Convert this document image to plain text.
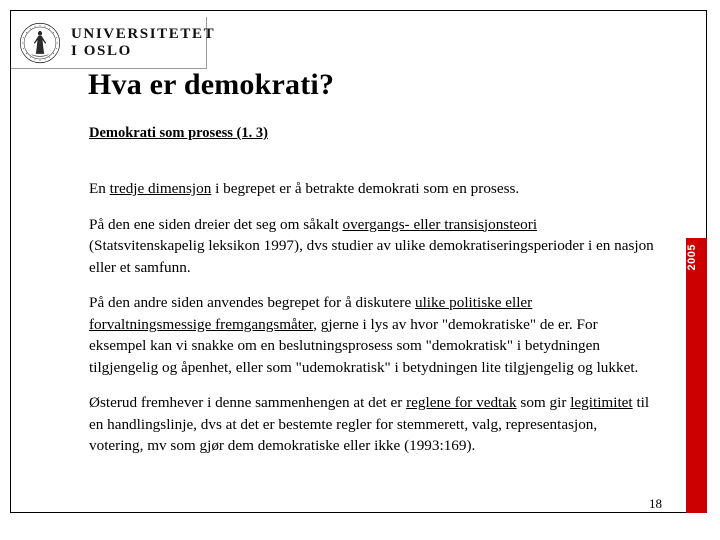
UNIVERSITETET
I OSLO
Hva er demokrati?
Demokrati som prosess (1. 3)

En tredje dimensjon i begrepet er å betrakte demokrati som en prosess.

På den ene siden dreier det seg om såkalt overgangs- eller transisjonsteori (Statsvitenskapelig leksikon 1997), dvs studier av ulike demokratiseringsperioder i en nasjon eller et samfunn.

På den andre siden anvendes begrepet for å diskutere ulike politiske eller forvaltningsmessige fremgangsmåter, gjerne i lys av hvor "demokratiske" de er. For eksempel kan vi snakke om en beslutningsprosess som "demokratisk" i betydningen tilgjengelig og åpenhet, eller som "udemokratisk" i betydningen lite tilgjengelig og lukket.

Østerud fremhever i denne sammenhengen at det er reglene for vedtak som gir legitimitet til en handlingslinje, dvs at det er bestemte regler for stemmerett, valg, representasjon, votering, mv som gjør dem demokratiske eller ikke (1993:169).

2005
18
